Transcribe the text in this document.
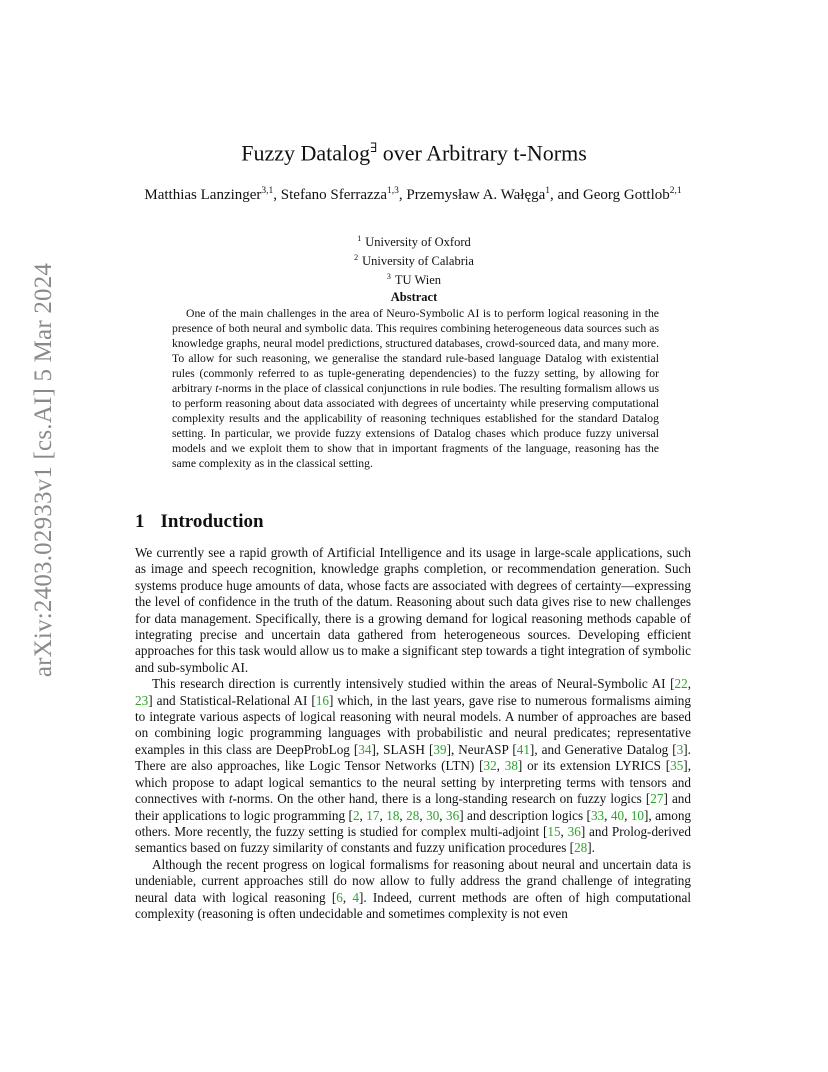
arXiv:2403.02933v1 [cs.AI] 5 Mar 2024
Fuzzy Datalog∃ over Arbitrary t-Norms
Matthias Lanzinger$^{3,1}$, Stefano Sferrazza$^{1,3}$, Przemysław A. Wałęga$^1$, and Georg Gottlob$^{2,1}$
$^1$ University of Oxford
$^2$ University of Calabria
$^3$ TU Wien
Abstract
One of the main challenges in the area of Neuro-Symbolic AI is to perform logical reasoning in the presence of both neural and symbolic data. This requires combining heterogeneous data sources such as knowledge graphs, neural model predictions, structured databases, crowd-sourced data, and many more. To allow for such reasoning, we generalise the standard rule-based language Datalog with existential rules (commonly referred to as tuple-generating dependencies) to the fuzzy setting, by allowing for arbitrary t-norms in the place of classical conjunctions in rule bodies. The resulting formalism allows us to perform reasoning about data associated with degrees of uncertainty while preserving computational complexity results and the applicability of reasoning techniques established for the standard Datalog setting. In particular, we provide fuzzy extensions of Datalog chases which produce fuzzy universal models and we exploit them to show that in important fragments of the language, reasoning has the same complexity as in the classical setting.
1 Introduction

We currently see a rapid growth of Artificial Intelligence and its usage in large-scale applications, such as image and speech recognition, knowledge graphs completion, or recommendation generation. Such systems produce huge amounts of data, whose facts are associated with degrees of certainty—expressing the level of confidence in the truth of the datum. Reasoning about such data gives rise to new challenges for data management. Specifically, there is a growing demand for logical reasoning methods capable of integrating precise and uncertain data gathered from heterogeneous sources. Developing efficient approaches for this task would allow us to make a significant step towards a tight integration of symbolic and sub-symbolic AI.

This research direction is currently intensively studied within the areas of Neural-Symbolic AI [22, 23] and Statistical-Relational AI [16] which, in the last years, gave rise to numerous formalisms aiming to integrate various aspects of logical reasoning with neural models. A number of approaches are based on combining logic programming languages with probabilistic and neural predicates; representative examples in this class are DeepProbLog [34], SLASH [39], NeurASP [41], and Generative Datalog [3]. There are also approaches, like Logic Tensor Networks (LTN) [32, 38] or its extension LYRICS [35], which propose to adapt logical semantics to the neural setting by interpreting terms with tensors and connectives with t-norms. On the other hand, there is a long-standing research on fuzzy logics [27] and their applications to logic programming [2, 17, 18, 28, 30, 36] and description logics [33, 40, 10], among others. More recently, the fuzzy setting is studied for complex multi-adjoint [15, 36] and Prolog-derived semantics based on fuzzy similarity of constants and fuzzy unification procedures [28].

Although the recent progress on logical formalisms for reasoning about neural and uncertain data is undeniable, current approaches still do now allow to fully address the grand challenge of integrating neural data with logical reasoning [6, 4]. Indeed, current methods are often of high computational complexity (reasoning is often undecidable and sometimes complexity is not even
